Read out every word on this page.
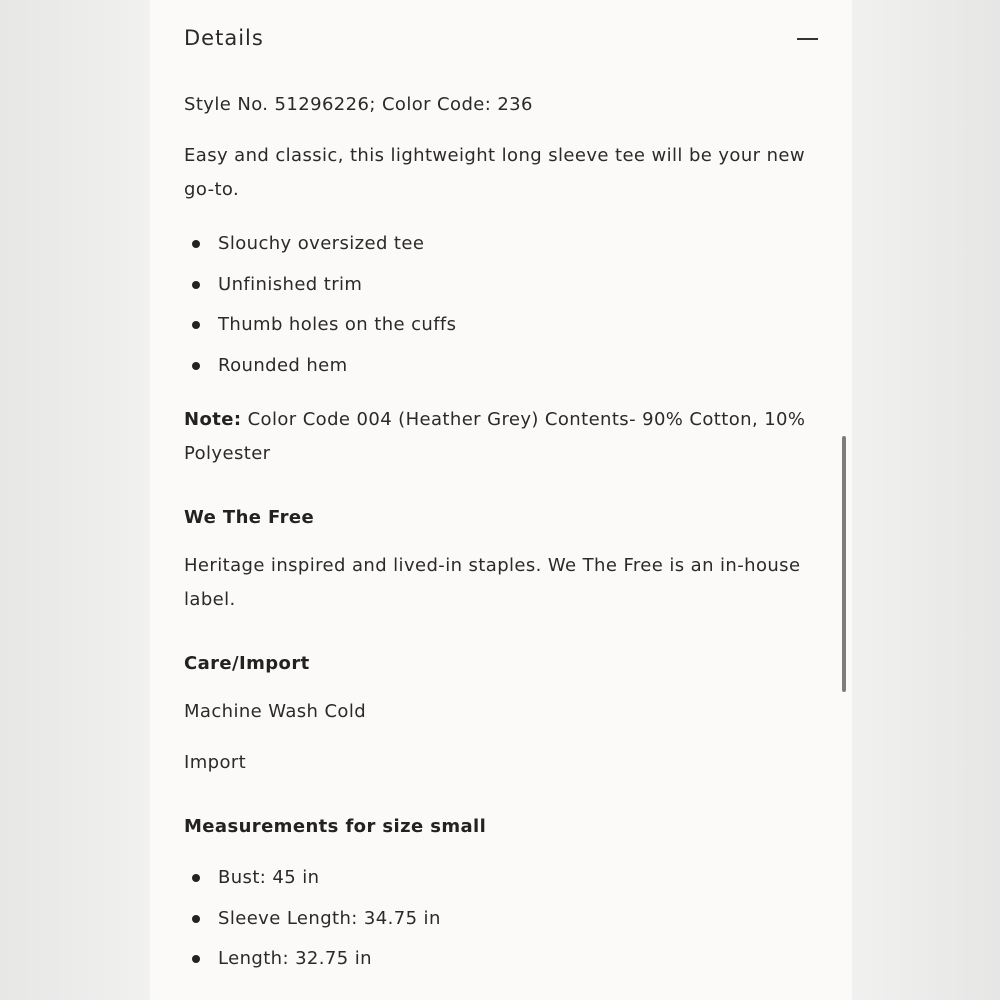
Details

Style No. 51296226; Color Code: 236

Easy and classic, this lightweight long sleeve tee will be your new go-to.

Slouchy oversized tee
Unfinished trim
Thumb holes on the cuffs
Rounded hem

Note: Color Code 004 (Heather Grey) Contents- 90% Cotton, 10% Polyester

We The Free

Heritage inspired and lived-in staples. We The Free is an in-house label.

Care/Import

Machine Wash Cold

Import

Measurements for size small

Bust: 45 in
Sleeve Length: 34.75 in
Length: 32.75 in
